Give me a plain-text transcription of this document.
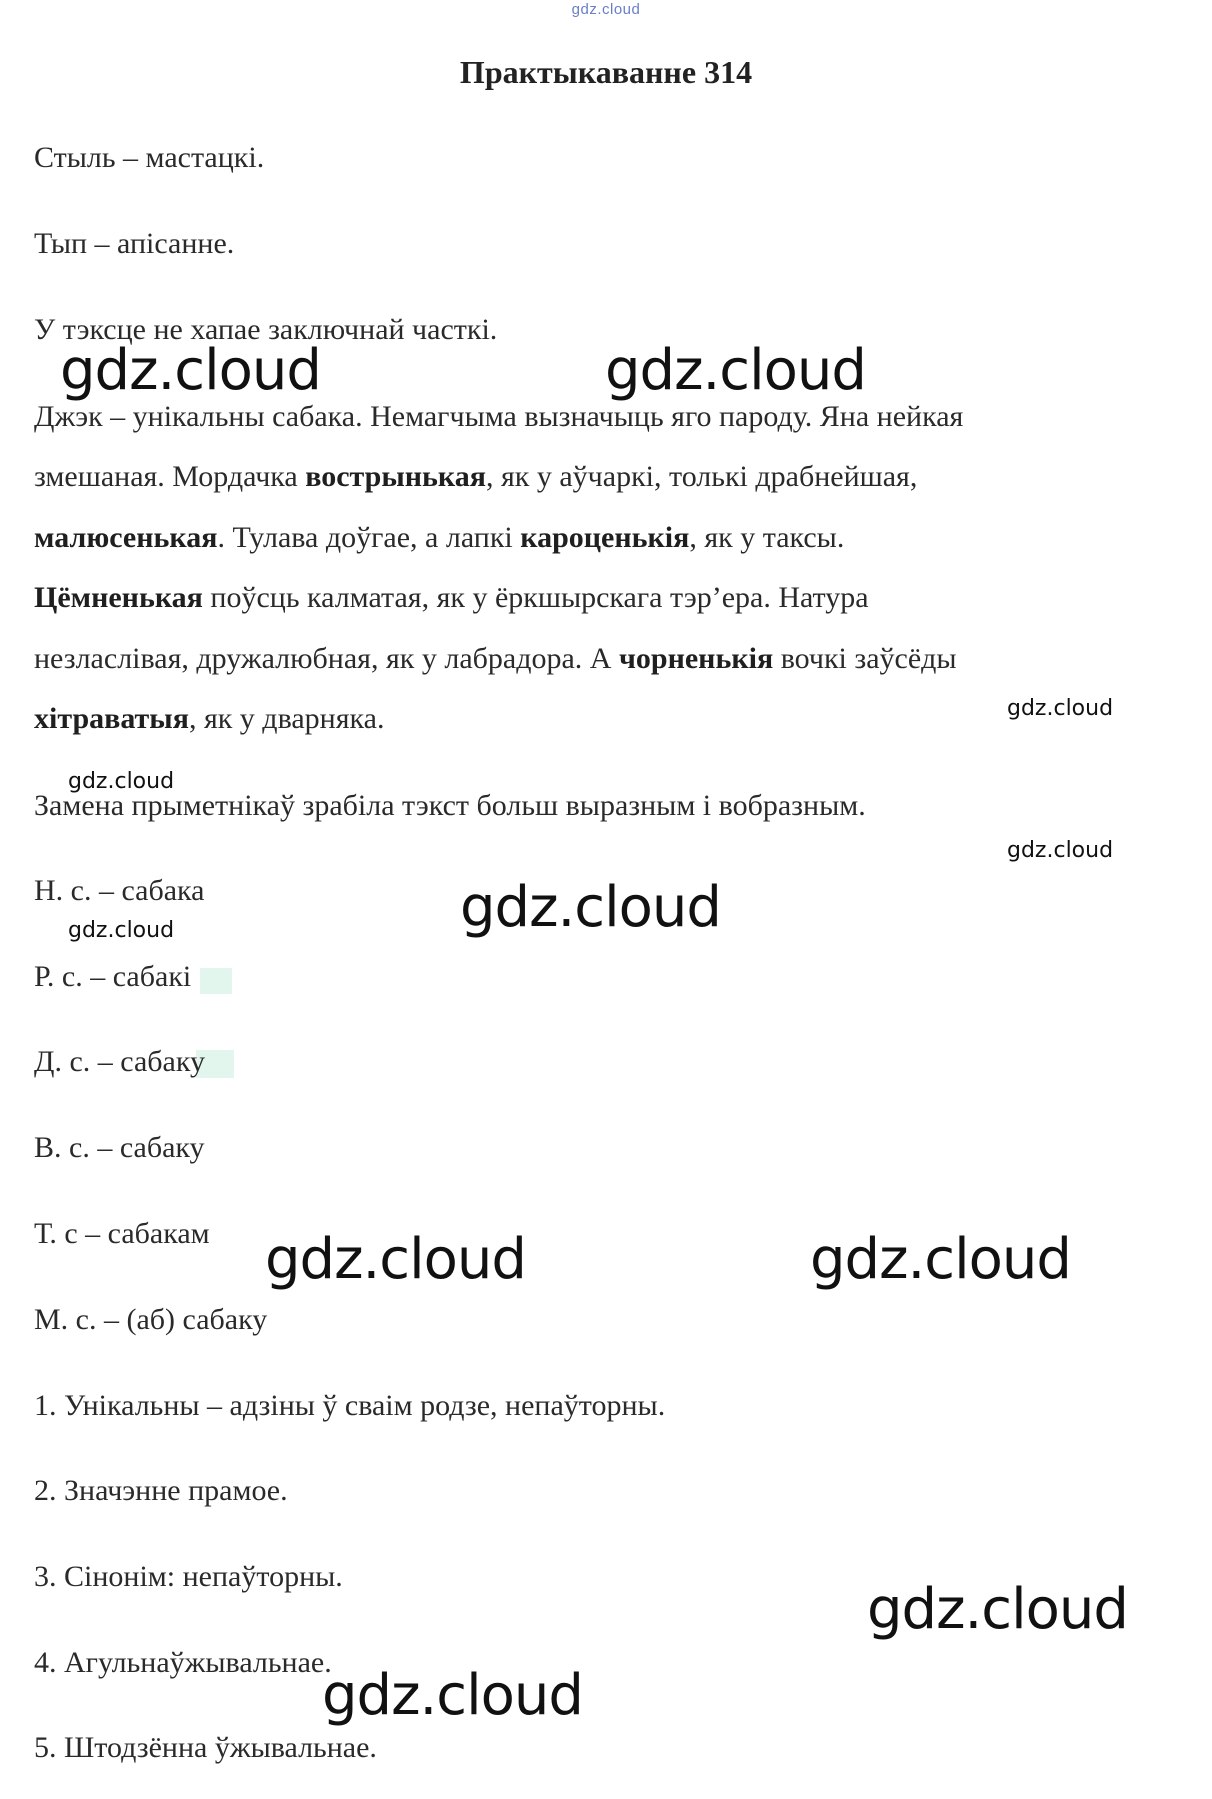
gdz.cloud
Практыкаванне 314
Стыль – мастацкі.
Тып – апісанне.
У тэксце не хапае заключнай часткі.
Джэк – унікальны сабака. Немагчыма вызначыць яго пароду. Яна нейкая
змешаная. Мордачка вострынькая, як у аўчаркі, толькі драбнейшая,
малюсенькая. Тулава доўгае, а лапкі кароценькія, як у таксы.
Цёмненькая поўсць калматая, як у ёркшырскага тэр’ера. Натура
незласлівая, дружалюбная, як у лабрадора. А чорненькія вочкі заўсёды
хітраватыя, як у дварняка.
Замена прыметнікаў зрабіла тэкст больш выразным і вобразным.
Н. с. – сабака
Р. с. – сабакі
Д. с. – сабаку
В. с. – сабаку
Т. с – сабакам
М. с. – (аб) сабаку
1. Унікальны – адзіны ў сваім родзе, непаўторны.
2. Значэнне прамое.
3. Сінонім: непаўторны.
4. Агульнаўжывальнае.
5. Штодзённа ўжывальнае.
gdz.cloud	gdz.cloud
gdz.cloud
gdz.cloud
gdz.cloud
gdz.cloud
gdz.cloud
gdz.cloud	gdz.cloud
gdz.cloud
gdz.cloud
